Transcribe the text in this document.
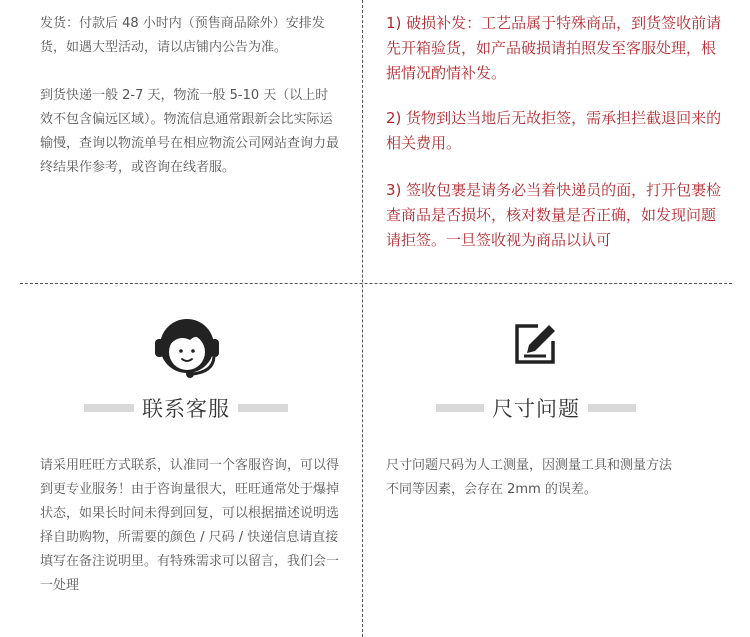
发货：付款后 48 小时内（预售商品除外）安排发货，如遇大型活动，请以店铺内公告为准。

到货快递一般 2-7 天，物流一般 5-10 天（以上时效不包含偏远区域）。物流信息通常跟新会比实际运输慢，查询以物流单号在相应物流公司网站查询力最终结果作参考，或咨询在线者服。

1) 破损补发：工艺品属于特殊商品，到货签收前请先开箱验货，如产品破损请拍照发至客服处理，根据情况酌情补发。

2) 货物到达当地后无故拒签，需承担拦截退回来的相关费用。

3) 签收包裹是请务必当着快递员的面，打开包裹检查商品是否损坏，核对数量是否正确，如发现问题请拒签。一旦签收视为商品以认可

联系客服

请采用旺旺方式联系，认准同一个客服咨询，可以得到更专业服务！由于咨询量很大，旺旺通常处于爆掉状态，如果长时间未得到回复，可以根据描述说明选择自助购物，所需要的颜色 / 尺码 / 快递信息请直接填写在备注说明里。有特殊需求可以留言，我们会一一处理

尺寸问题

尺寸问题尺码为人工测量，因测量工具和测量方法不同等因素，会存在 2mm 的误差。
